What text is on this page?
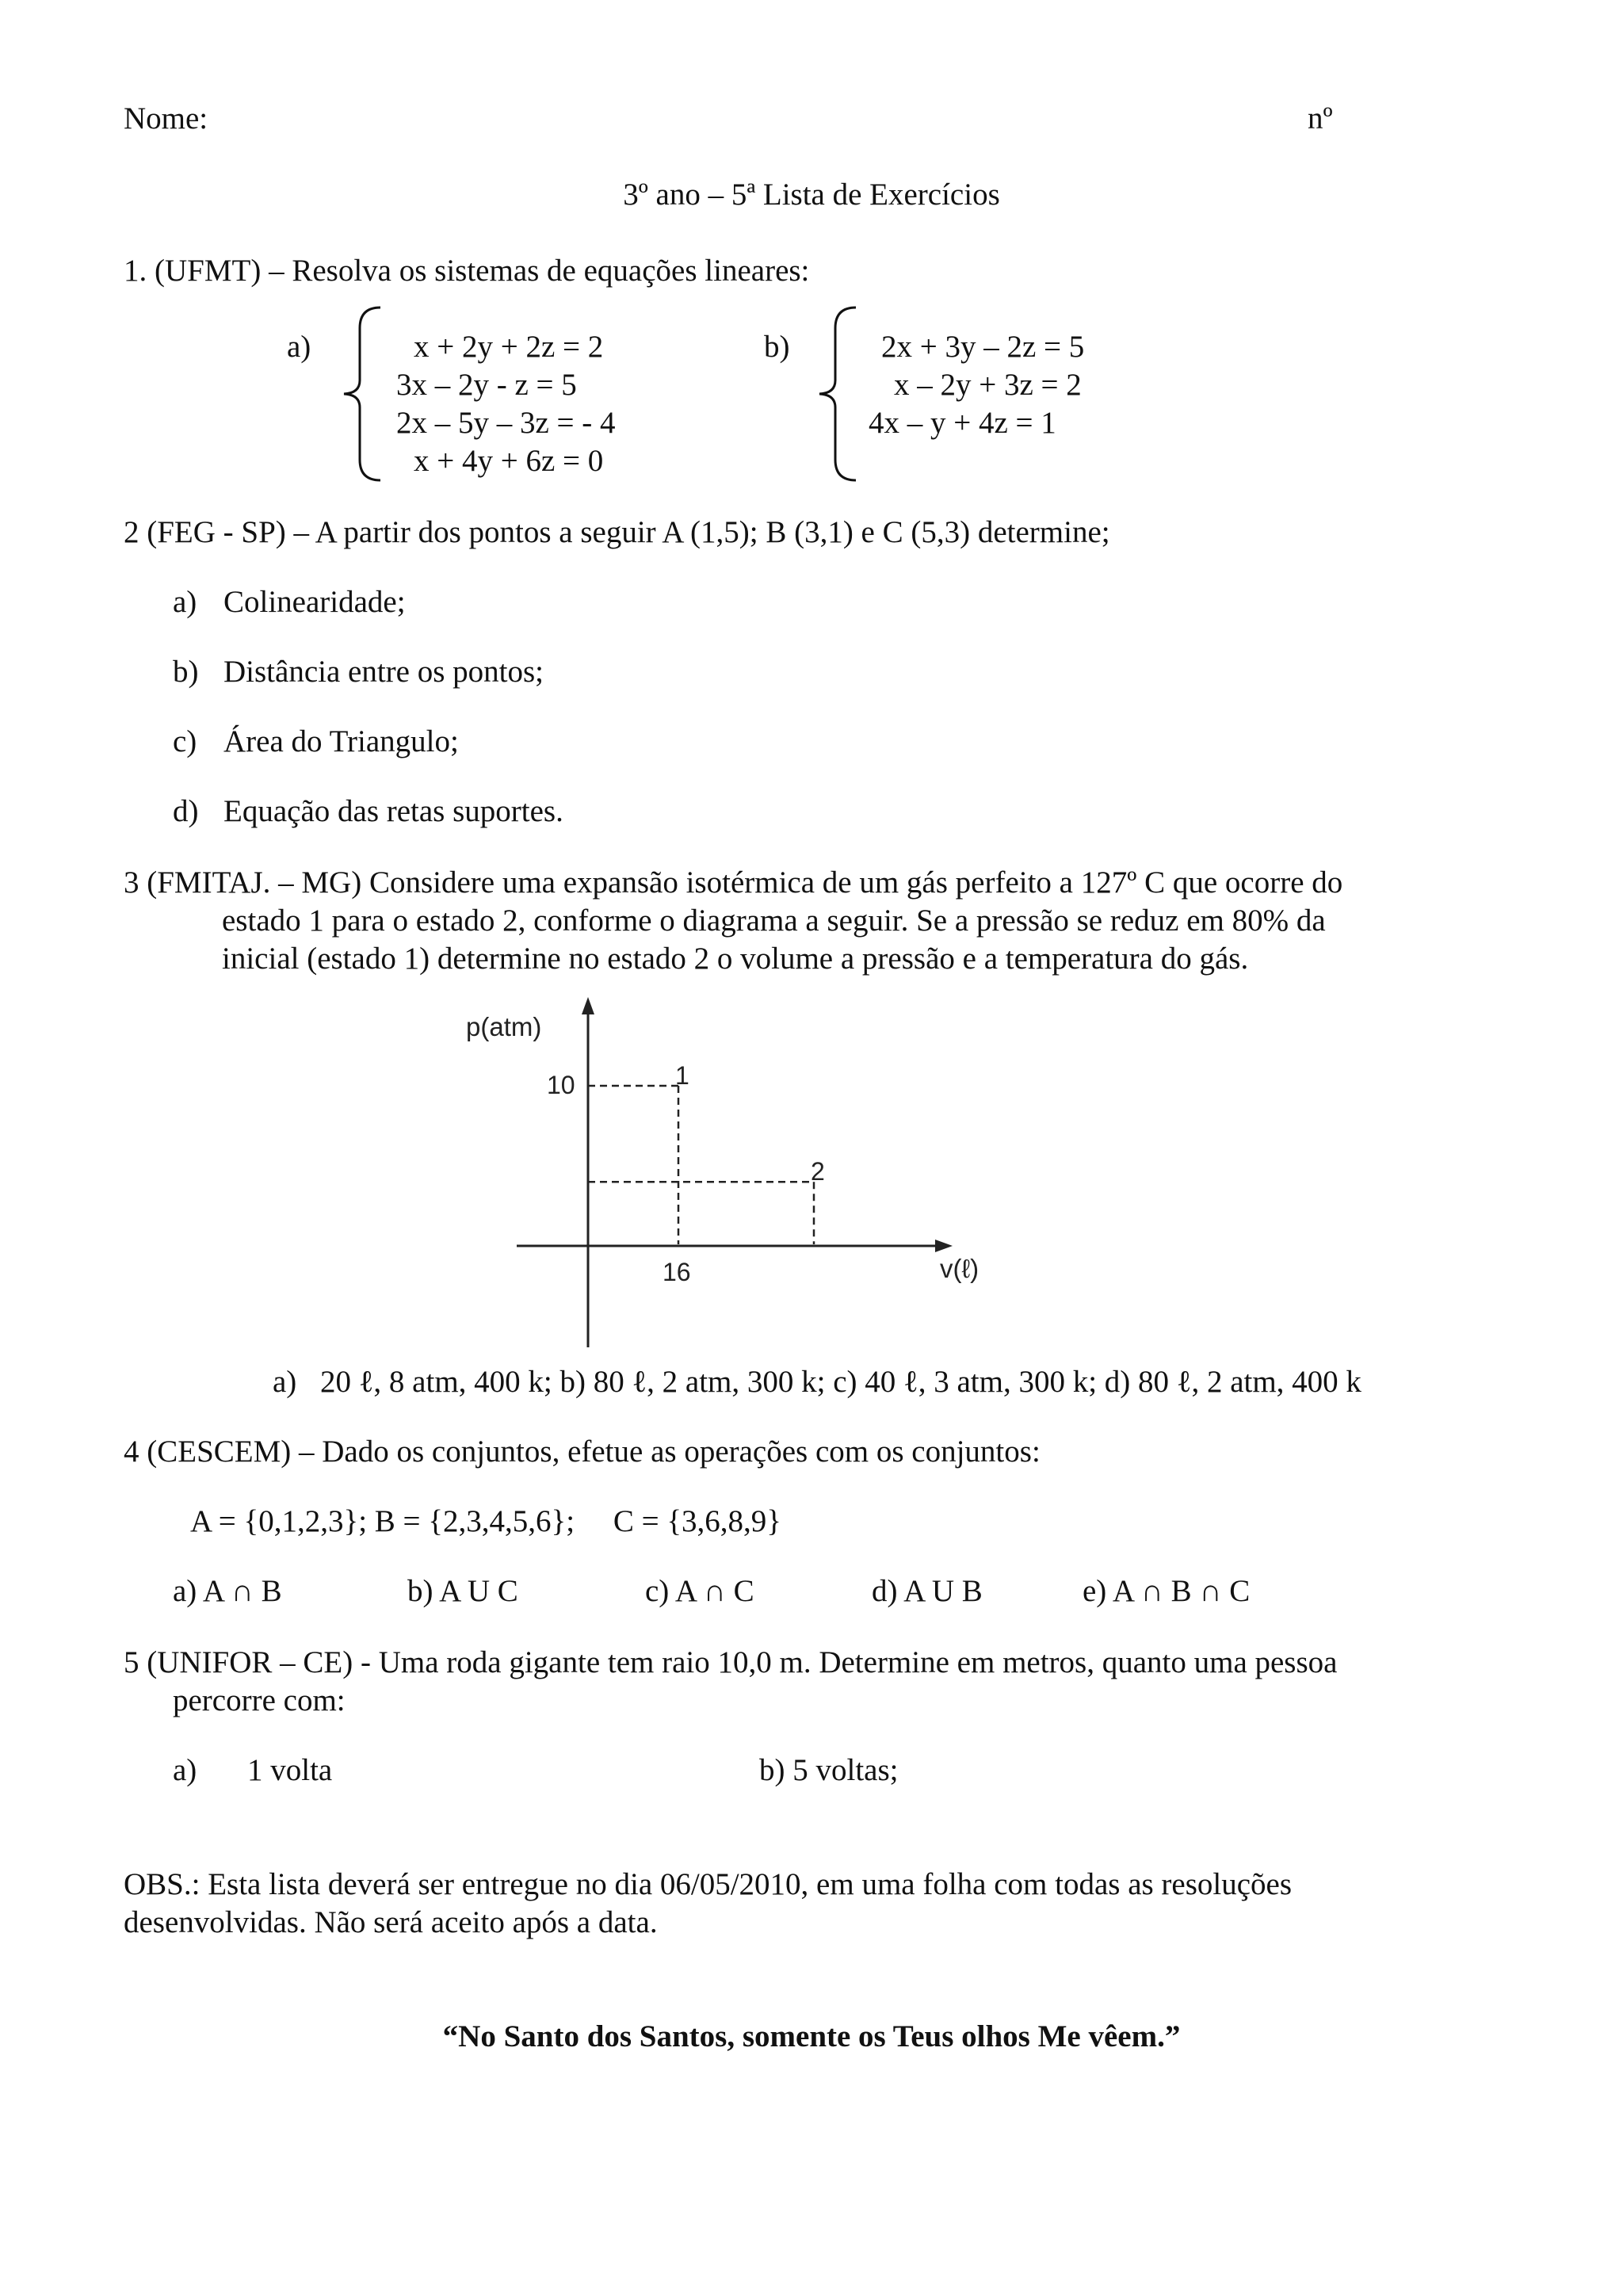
Nome:	nº
3º ano – 5ª Lista de Exercícios
1. (UFMT) – Resolva os sistemas de equações lineares:
a)	x + 2y + 2z = 2
3x – 2y - z = 5
2x – 5y – 3z = - 4
x + 4y + 6z = 0
b)	2x + 3y – 2z = 5
x – 2y + 3z = 2
4x – y + 4z = 1
2 (FEG - SP) – A partir dos pontos a seguir A (1,5); B (3,1) e C (5,3) determine;
a) Colinearidade;
b) Distância entre os pontos;
c) Área do Triangulo;
d) Equação das retas suportes.
3 (FMITAJ. – MG) Considere uma expansão isotérmica de um gás perfeito a 127º C que ocorre do
estado 1 para o estado 2, conforme o diagrama a seguir. Se a pressão se reduz em 80% da
inicial (estado 1) determine no estado 2 o volume a pressão e a temperatura do gás.
1
2
16
10
p(atm)
v(ℓ)
a) 20 ℓ, 8 atm, 400 k; b) 80 ℓ, 2 atm, 300 k; c) 40 ℓ, 3 atm, 300 k; d) 80 ℓ, 2 atm, 400 k
4 (CESCEM) – Dado os conjuntos, efetue as operações com os conjuntos:
A = {0,1,2,3}; B = {2,3,4,5,6};     C = {3,6,8,9}
a) A ∩ B	b) A U C	c) A ∩ C	d) A U B	e) A ∩ B ∩ C
5 (UNIFOR – CE) - Uma roda gigante tem raio 10,0 m. Determine em metros, quanto uma pessoa
percorre com:
a) 1 volta	b) 5 voltas;
OBS.: Esta lista deverá ser entregue no dia 06/05/2010, em uma folha com todas as resoluções
desenvolvidas. Não será aceito após a data.
“No Santo dos Santos, somente os Teus olhos Me vêem.”
